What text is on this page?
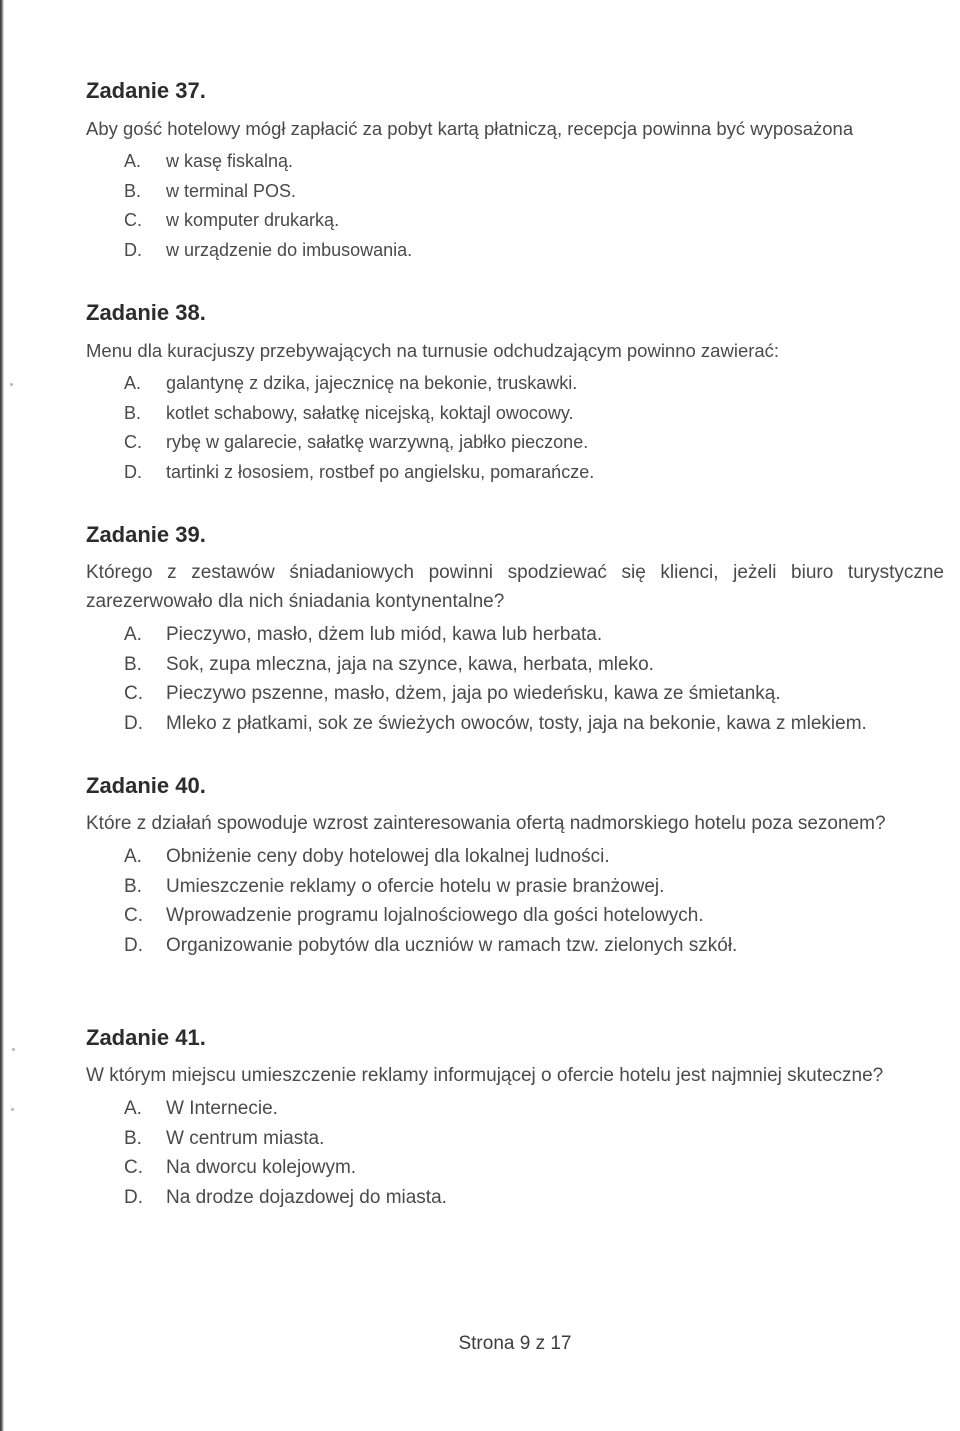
Zadanie 37.

Aby gość hotelowy mógł zapłacić za pobyt kartą płatniczą, recepcja powinna być wyposażona

A.	w kasę fiskalną.
B.	w terminal POS.
C.	w komputer drukarką.
D.	w urządzenie do imbusowania.
Zadanie 38.

Menu dla kuracjuszy przebywających na turnusie odchudzającym powinno zawierać:

A.	galantynę z dzika, jajecznicę na bekonie, truskawki.
B.	kotlet schabowy, sałatkę nicejską, koktajl owocowy.
C.	rybę w galarecie, sałatkę warzywną, jabłko pieczone.
D.	tartinki z łososiem, rostbef po angielsku, pomarańcze.
Zadanie 39.

Którego z zestawów śniadaniowych powinni spodziewać się klienci, jeżeli biuro turystyczne zarezerwowało dla nich śniadania kontynentalne?

A.	Pieczywo, masło, dżem lub miód, kawa lub herbata.
B.	Sok, zupa mleczna, jaja na szynce, kawa, herbata, mleko.
C.	Pieczywo pszenne, masło, dżem, jaja po wiedeńsku, kawa ze śmietanką.
D.	Mleko z płatkami, sok ze świeżych owoców, tosty, jaja na bekonie, kawa z mlekiem.
Zadanie 40.

Które z działań spowoduje wzrost zainteresowania ofertą nadmorskiego hotelu poza sezonem?

A.	Obniżenie ceny doby hotelowej dla lokalnej ludności.
B.	Umieszczenie reklamy o ofercie hotelu w prasie branżowej.
C.	Wprowadzenie programu lojalnościowego dla gości hotelowych.
D.	Organizowanie pobytów dla uczniów w ramach tzw. zielonych szkół.
Zadanie 41.

W którym miejscu umieszczenie reklamy informującej o ofercie hotelu jest najmniej skuteczne?

A.	W Internecie.
B.	W centrum miasta.
C.	Na dworcu kolejowym.
D.	Na drodze dojazdowej do miasta.
Strona 9 z 17
